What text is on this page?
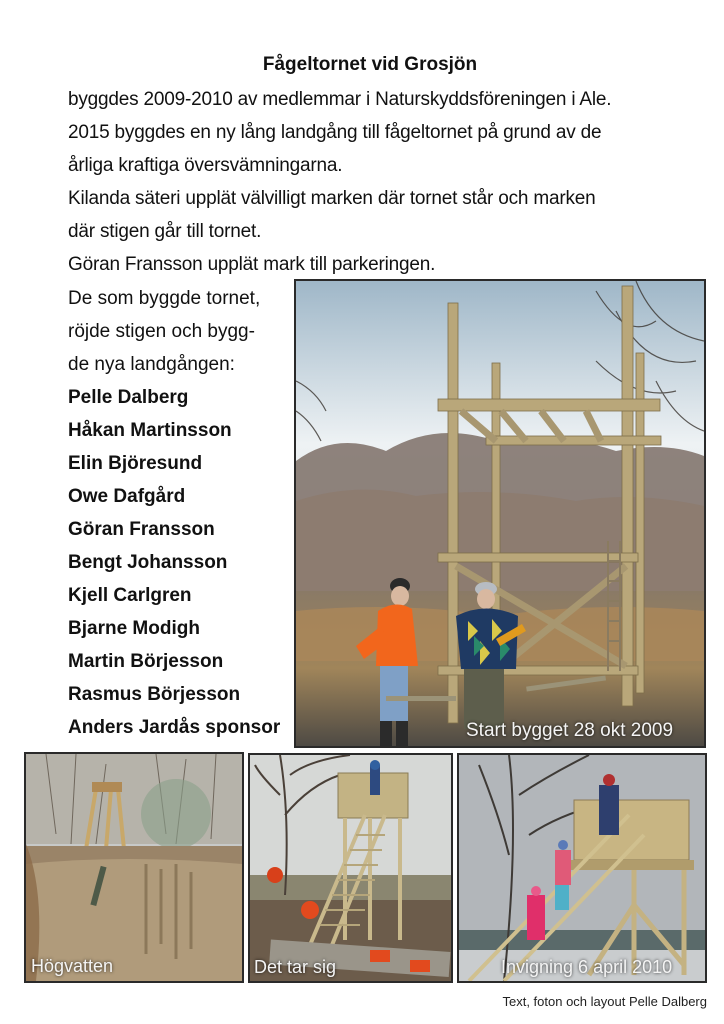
Fågeltornet vid Grosjön

byggdes 2009-2010 av medlemmar i Naturskyddsföreningen i Ale.

2015 byggdes en ny lång landgång till fågeltornet på grund av de

årliga kraftiga översvämningarna.

Kilanda säteri upplät välvilligt marken där tornet står och marken

där stigen går till tornet.

Göran Fransson upplät mark till parkeringen.

De som byggde tornet,

röjde stigen och bygg-

de nya landgången:

Pelle Dalberg

Håkan Martinsson

Elin Björesund

Owe Dafgård

Göran Fransson

Bengt Johansson

Kjell Carlgren

Bjarne Modigh

Martin Börjesson

Rasmus Börjesson

Anders Jardås sponsor	Start bygget 28 okt 2009
Högvatten	Det tar sig	Invigning 6 april 2010
Text, foton och layout Pelle Dalberg
